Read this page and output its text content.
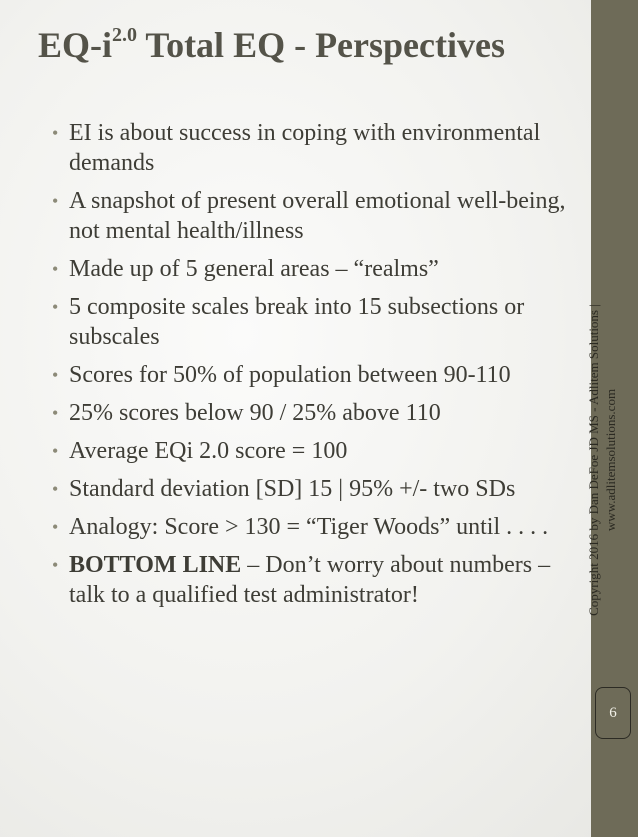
$EQ-i^{2.0}$ Total EQ - Perspectives
• EI is about success in coping with environmental demands
• A snapshot of present overall emotional well-being, not mental health/illness
• Made up of 5 general areas – “realms”
• 5 composite scales break into 15 subsections or subscales
• Scores for 50% of population between 90-110
• 25% scores below 90 / 25% above 110
• Average EQi 2.0 score = 100
• Standard deviation [SD] 15 | 95% +/- two SDs
• Analogy: Score > 130 = “Tiger Woods” until . . . .
• BOTTOM LINE – Don’t worry about numbers – talk to a qualified test administrator!	Copyright 2016 by Dan DeFoe JD MS - Adlitem Solutions | www.adlitemsolutions.com
6
